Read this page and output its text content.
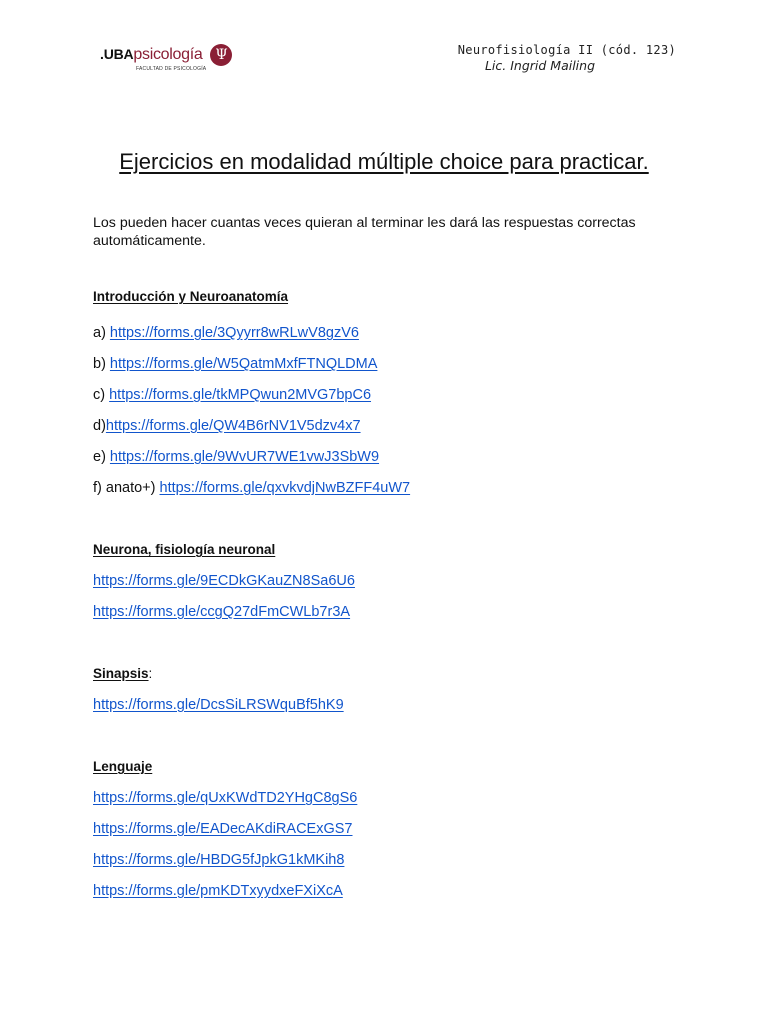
.UBApsicología
FACULTAD DE PSICOLOGÍA
Ψ	Neurofisiología II (cód. 123)
Lic. Ingrid Mailing
Ejercicios en modalidad múltiple choice para practicar.
Los pueden hacer cuantas veces quieran al terminar les dará las respuestas correctas automáticamente.
Introducción y Neuroanatomía
a) https://forms.gle/3Qyyrr8wRLwV8gzV6
b) https://forms.gle/W5QatmMxfFTNQLDMA
c) https://forms.gle/tkMPQwun2MVG7bpC6
d)https://forms.gle/QW4B6rNV1V5dzv4x7
e) https://forms.gle/9WvUR7WE1vwJ3SbW9
f) anato+) https://forms.gle/qxvkvdjNwBZFF4uW7
Neurona, fisiología neuronal
https://forms.gle/9ECDkGKauZN8Sa6U6
https://forms.gle/ccgQ27dFmCWLb7r3A
Sinapsis:
https://forms.gle/DcsSiLRSWquBf5hK9
Lenguaje
https://forms.gle/qUxKWdTD2YHgC8gS6
https://forms.gle/EADecAKdiRACExGS7
https://forms.gle/HBDG5fJpkG1kMKih8
https://forms.gle/pmKDTxyydxeFXiXcA
